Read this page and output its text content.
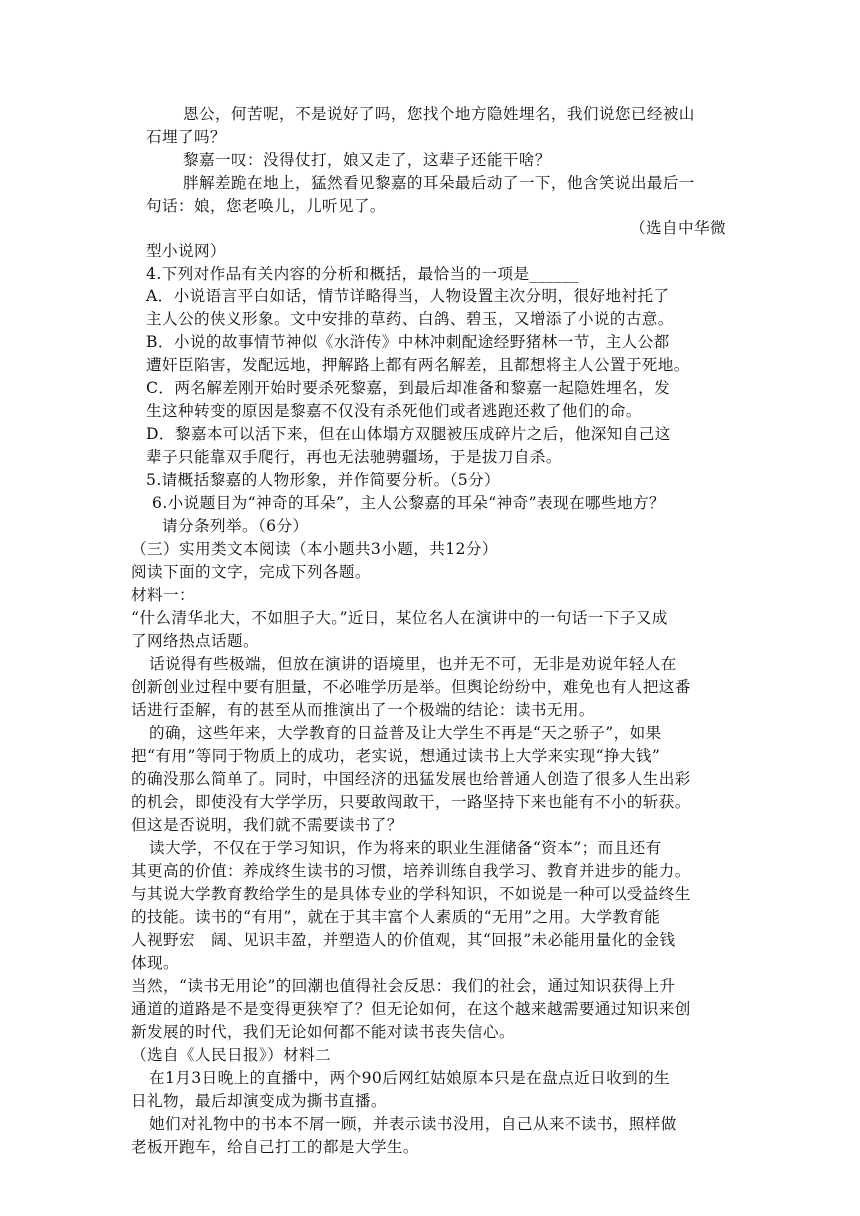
恩公，何苦呢，不是说好了吗，您找个地方隐姓埋名，我们说您已经被山
石埋了吗？
黎嘉一叹：没得仗打，娘又走了，这辈子还能干啥？
胖解差跪在地上，猛然看见黎嘉的耳朵最后动了一下，他含笑说出最后一
句话：娘，您老唤儿，儿听见了。
（选自中华微
型小说网）
4.下列对作品有关内容的分析和概括，最恰当的一项是______
A．小说语言平白如话，情节详略得当，人物设置主次分明，很好地衬托了
主人公的侠义形象。文中安排的草药、白鸽、碧玉，又增添了小说的古意。
B．小说的故事情节神似《水浒传》中林冲刺配途经野猪林一节，主人公都
遭奸臣陷害，发配远地，押解路上都有两名解差，且都想将主人公置于死地。
C．两名解差刚开始时要杀死黎嘉，到最后却准备和黎嘉一起隐姓埋名，发
生这种转变的原因是黎嘉不仅没有杀死他们或者逃跑还救了他们的命。
D．黎嘉本可以活下来，但在山体塌方双腿被压成碎片之后，他深知自己这
辈子只能靠双手爬行，再也无法驰骋疆场，于是拔刀自杀。
5.请概括黎嘉的人物形象，并作简要分析。（5分）
6.小说题目为“神奇的耳朵”，主人公黎嘉的耳朵“神奇”表现在哪些地方？
请分条列举。（6分）
（三）实用类文本阅读（本小题共3小题，共12分）
阅读下面的文字，完成下列各题。
材料一：
“什么清华北大，不如胆子大。”近日，某位名人在演讲中的一句话一下子又成
了网络热点话题。
话说得有些极端，但放在演讲的语境里，也并无不可，无非是劝说年轻人在
创新创业过程中要有胆量，不必唯学历是举。但舆论纷纷中，难免也有人把这番
话进行歪解，有的甚至从而推演出了一个极端的结论：读书无用。
的确，这些年来，大学教育的日益普及让大学生不再是“天之骄子”，如果
把“有用”等同于物质上的成功，老实说，想通过读书上大学来实现“挣大钱”
的确没那么简单了。同时，中国经济的迅猛发展也给普通人创造了很多人生出彩
的机会，即使没有大学学历，只要敢闯敢干，一路坚持下来也能有不小的斩获。
但这是否说明，我们就不需要读书了？
读大学，不仅在于学习知识，作为将来的职业生涯储备“资本”；而且还有
其更高的价值：养成终生读书的习惯，培养训练自我学习、教育并进步的能力。
与其说大学教育教给学生的是具体专业的学科知识，不如说是一种可以受益终生
的技能。读书的“有用”，就在于其丰富个人素质的“无用”之用。大学教育能
人视野宏　阔、见识丰盈，并塑造人的价值观，其“回报”未必能用量化的金钱
体现。
当然，“读书无用论”的回潮也值得社会反思：我们的社会，通过知识获得上升
通道的道路是不是变得更狭窄了？但无论如何，在这个越来越需要通过知识来创
新发展的时代，我们无论如何都不能对读书丧失信心。
（选自《人民日报》）材料二
在1月3日晚上的直播中，两个90后网红姑娘原本只是在盘点近日收到的生
日礼物，最后却演变成为撕书直播。
她们对礼物中的书本不屑一顾，并表示读书没用，自己从来不读书，照样做
老板开跑车，给自己打工的都是大学生。
